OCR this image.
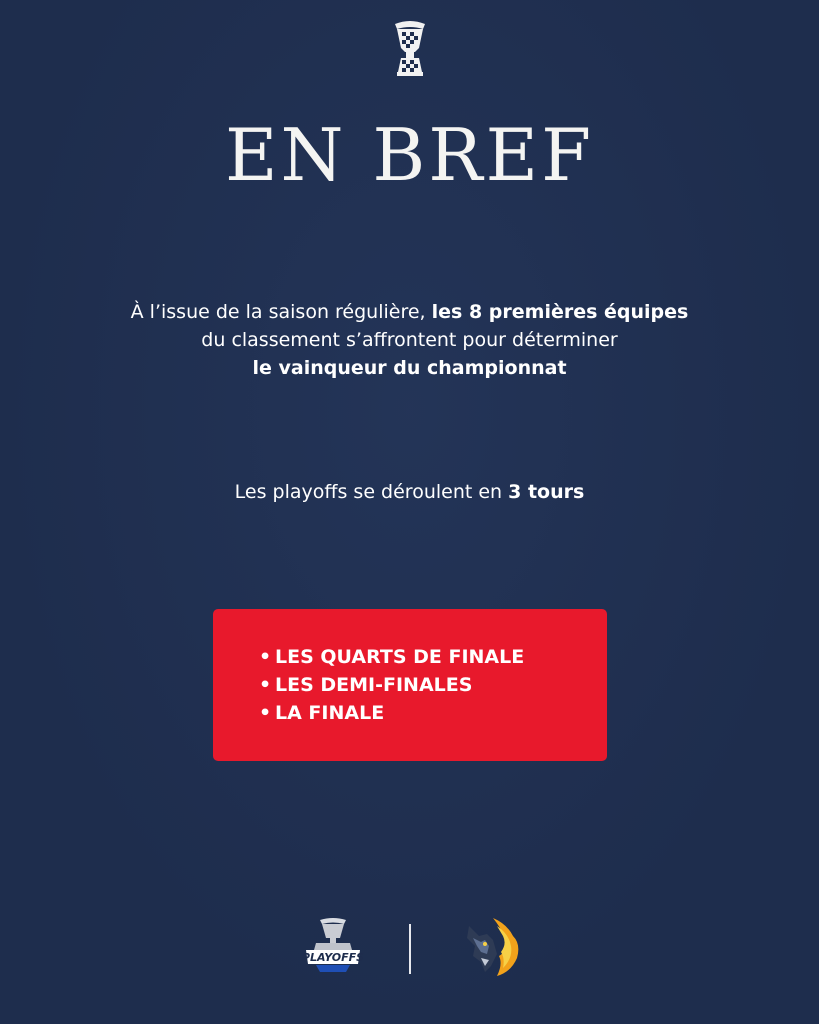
EN BREF
À l’issue de la saison régulière, les 8 premières équipes
du classement s’affrontent pour déterminer
le vainqueur du championnat
Les playoffs se déroulent en 3 tours
• LES QUARTS DE FINALE
• LES DEMI-FINALES
• LA FINALE
PLAYOFFS
